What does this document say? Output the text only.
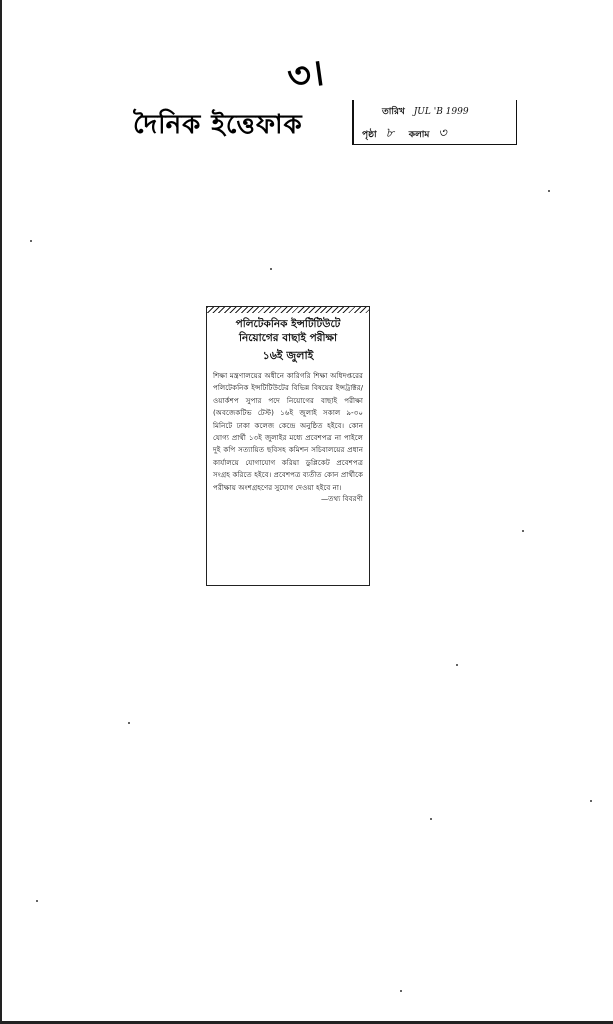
৩।
দৈনিক ইত্তেফাক	তারিখ JUL 'B 1999
পৃষ্ঠা ৮ কলাম ৩
পলিটেকনিক ইন্সটিটিউটে
নিয়োগের বাছাই পরীক্ষা
১৬ই জুলাই
শিক্ষা মন্ত্রণালয়ের অধীনে কারিগরি শিক্ষা অধিদপ্তরের পলিটেকনিক ইন্সটিটিউটের বিভিন্ন বিষয়ের ইন্সট্রাক্টর/ ওয়ার্কশপ সুপার পদে নিয়োগের বাছাই পরীক্ষা (অবজেকটিভ টেস্ট) ১৬ই জুলাই সকাল ৯-৩০ মিনিটে ঢাকা কলেজ কেন্দ্রে অনুষ্ঠিত হইবে। কোন যোগ্য প্রার্থী ১৩ই জুলাইর মধ্যে প্রবেশপত্র না পাইলে দুই কপি সত্যায়িত ছবিসহ কমিশন সচিবালয়ের প্রধান কার্যালয়ে যোগাযোগ করিয়া ডুপ্লিকেট প্রবেশপত্র সংগ্রহ করিতে হইবে। প্রবেশপত্র ব্যতীত কোন প্রার্থীকে পরীক্ষায় অংশগ্রহণের সুযোগ দেওয়া হইবে না।
—তথ্য বিবরণী
